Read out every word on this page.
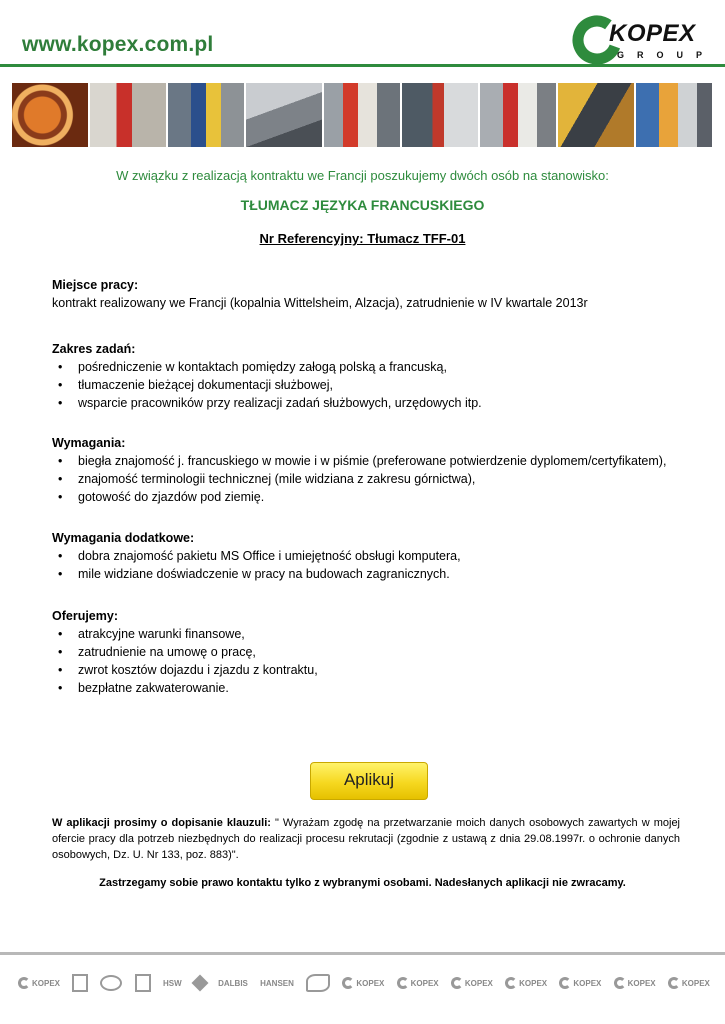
www.kopex.com.pl	KOPEX
GROUP
W związku z realizacją kontraktu we Francji poszukujemy dwóch osób na stanowisko:
TŁUMACZ JĘZYKA FRANCUSKIEGO
Nr Referencyjny: Tłumacz TFF-01
Miejsce pracy:

kontrakt realizowany we Francji (kopalnia Wittelsheim, Alzacja), zatrudnienie w IV kwartale 2013r

Zakres zadań:
• pośredniczenie w kontaktach pomiędzy załogą polską a francuską,
• tłumaczenie bieżącej dokumentacji służbowej,
• wsparcie pracowników przy realizacji zadań służbowych, urzędowych itp.
Wymagania:
• biegła znajomość j. francuskiego w mowie i w piśmie (preferowane potwierdzenie dyplomem/certyfikatem),
• znajomość terminologii technicznej (mile widziana z zakresu górnictwa),
• gotowość do zjazdów pod ziemię.
Wymagania dodatkowe:
• dobra znajomość pakietu MS Office i umiejętność obsługi komputera,
• mile widziane doświadczenie w pracy na budowach zagranicznych.
Oferujemy:
• atrakcyjne warunki finansowe,
• zatrudnienie na umowę o pracę,
• zwrot kosztów dojazdu i zjazdu z kontraktu,
• bezpłatne zakwaterowanie.
Aplikuj
W aplikacji prosimy o dopisanie klauzuli: " Wyrażam zgodę na przetwarzanie moich danych osobowych zawartych w mojej ofercie pracy dla potrzeb niezbędnych do realizacji procesu rekrutacji (zgodnie z ustawą z dnia 29.08.1997r. o ochronie danych osobowych, Dz. U. Nr 133, poz. 883)".
Zastrzegamy sobie prawo kontaktu tylko z wybranymi osobami. Nadesłanych aplikacji nie zwracamy.
KOPEX	HSW	DALBIS HANSEN	KOPEX	KOPEX	KOPEX	KOPEX	KOPEX	KOPEX	KOPEX
